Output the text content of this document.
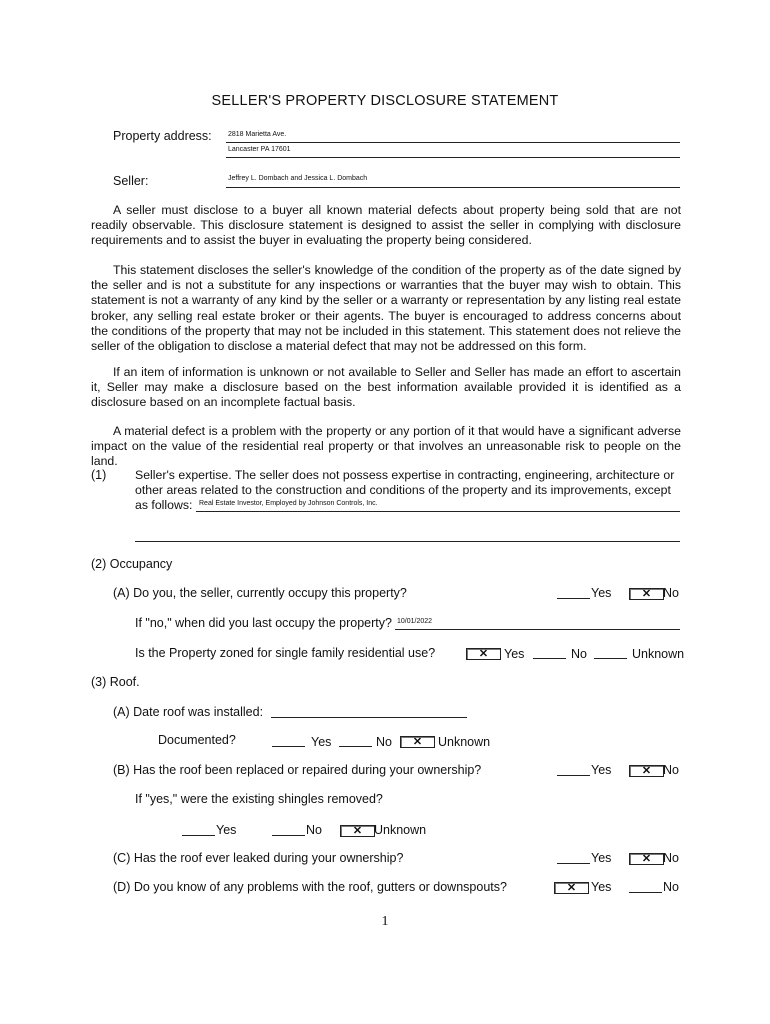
SELLER'S PROPERTY DISCLOSURE STATEMENT
Property address: 2818 Marietta Ave.
Lancaster PA 17601
Seller:	Jeffrey L. Dombach and Jessica L. Dombach
A seller must disclose to a buyer all known material defects about property being sold that are not readily observable. This disclosure statement is designed to assist the seller in complying with disclosure requirements and to assist the buyer in evaluating the property being considered.
This statement discloses the seller's knowledge of the condition of the property as of the date signed by the seller and is not a substitute for any inspections or warranties that the buyer may wish to obtain. This statement is not a warranty of any kind by the seller or a warranty or representation by any listing real estate broker, any selling real estate broker or their agents. The buyer is encouraged to address concerns about the conditions of the property that may not be included in this statement. This statement does not relieve the seller of the obligation to disclose a material defect that may not be addressed on this form.
If an item of information is unknown or not available to Seller and Seller has made an effort to ascertain it, Seller may make a disclosure based on the best information available provided it is identified as a disclosure based on an incomplete factual basis.
A material defect is a problem with the property or any portion of it that would have a significant adverse impact on the value of the residential real property or that involves an unreasonable risk to people on the land.
(1) Seller's expertise. The seller does not possess expertise in contracting, engineering, architecture or
other areas related to the construction and conditions of the property and its improvements, except
as follows: Real Estate Investor, Employed by Johnson Controls, Inc.
(2) Occupancy
(A) Do you, the seller, currently occupy this property?	Yes	✕ No
If "no," when did you last occupy the property? 10/01/2022
Is the Property zoned for single family residential use?	✕	Yes	No	Unknown
(3) Roof.
(A) Date roof was installed:
Documented?	Yes	No	✕	Unknown
(B) Has the roof been replaced or repaired during your ownership?	Yes	✕ No
If "yes," were the existing shingles removed?
Yes	No	✕ Unknown
(C) Has the roof ever leaked during your ownership?	Yes	✕ No
(D) Do you know of any problems with the roof, gutters or downspouts?	✕	Yes	No
1
